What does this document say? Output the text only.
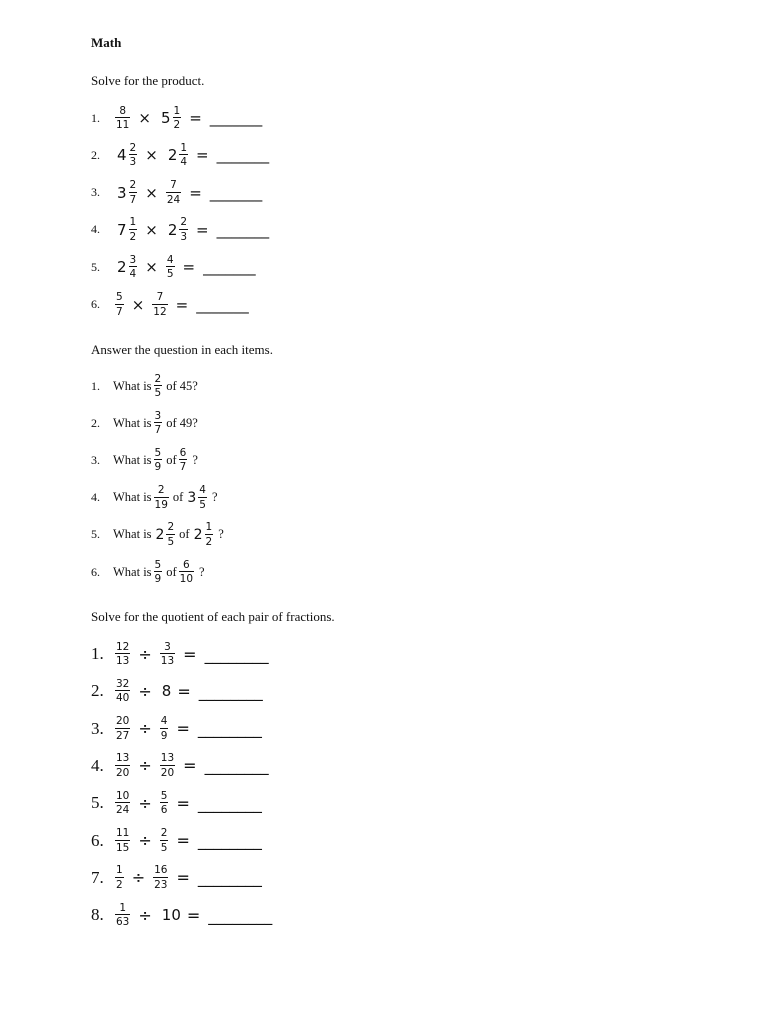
Math
Solve for the product.
1.	$\frac{8}{11} \times 5 \frac{1}{2}$ = _______
2.	$4 \frac{2}{3} \times 2 \frac{1}{4}$ = _______
3.	$3 \frac{2}{7} \times \frac{7}{24}$ = _______
4.	$7 \frac{1}{2} \times 2 \frac{2}{3}$ = _______
5.	$2 \frac{3}{4} \times \frac{4}{5}$ = _______
6.	$\frac{5}{7} \times \frac{7}{12}$ = _______
Answer the question in each items.
1.	What is $\frac{2}{5}$ of 45?
2.	What is $\frac{3}{7}$ of 49?
3.	What is $\frac{5}{9}$ of $\frac{6}{7}$ ?
4.	What is $\frac{2}{19}$ of $3 \frac{4}{5}$ ?
5.	What is $2 \frac{2}{5}$ of $2 \frac{1}{2}$ ?
6.	What is $\frac{5}{9}$ of $\frac{6}{10}$ ?
Solve for the quotient of each pair of fractions.
1.	$\frac{12}{13} \div \frac{3}{13}$ = ________
2.	$\frac{32}{40} \div 8$ = ________
3.	$\frac{20}{27} \div \frac{4}{9}$ = ________
4.	$\frac{13}{20} \div \frac{13}{20}$ = ________
5.	$\frac{10}{24} \div \frac{5}{6}$ = ________
6.	$\frac{11}{15} \div \frac{2}{5}$ = ________
7.	$\frac{1}{2} \div \frac{16}{23}$ = ________
8.	$\frac{1}{63} \div 10$ = ________
